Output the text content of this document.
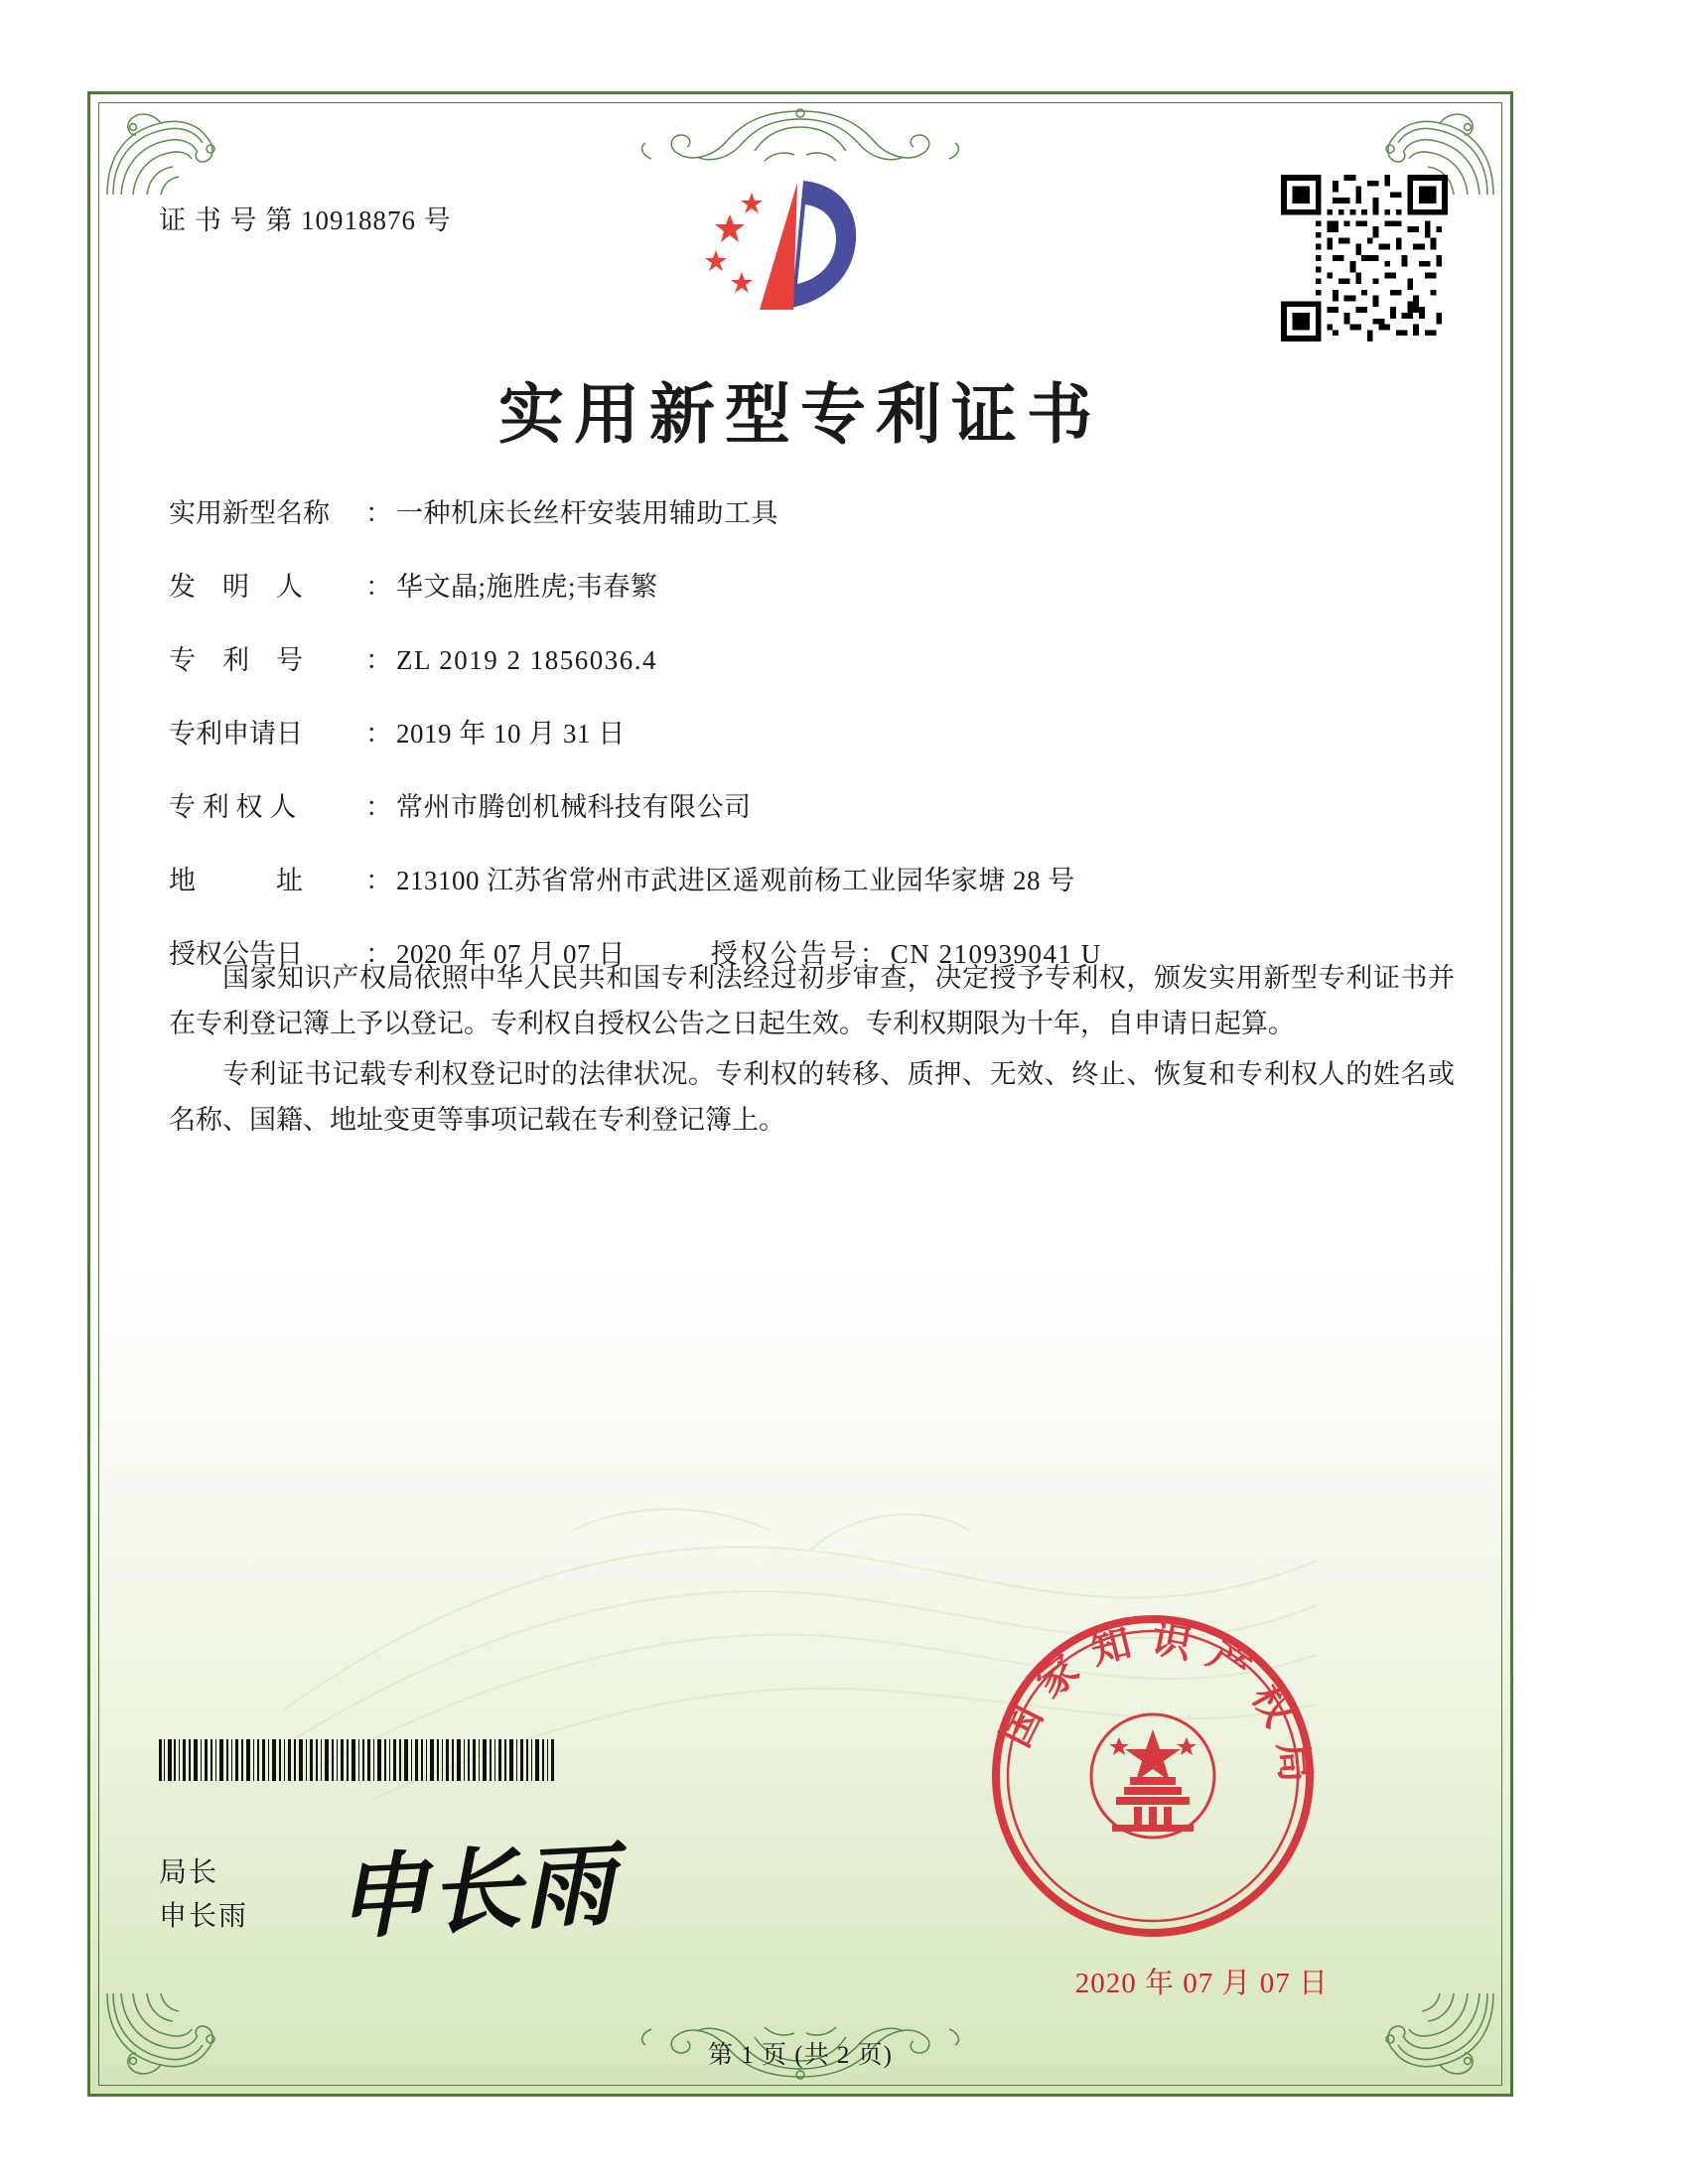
证 书 号 第 10918876 号
实用新型专利证书
实用新型名称	： 一种机床长丝杆安装用辅助工具
发　明　人	： 华文晶;施胜虎;韦春繁
专　利　号	： ZL 2019 2 1856036.4
专利申请日	： 2019 年 10 月 31 日
专 利 权 人	： 常州市腾创机械科技有限公司
地　　　址	： 213100 江苏省常州市武进区遥观前杨工业园华家塘 28 号
授权公告日	： 2020 年 07 月 07 日	授权公告号 ： CN 210939041 U

国家知识产权局依照中华人民共和国专利法经过初步审查，决定授予专利权，颁发实用新型专利证书并在专利登记簿上予以登记。专利权自授权公告之日起生效。专利权期限为十年，自申请日起算。

专利证书记载专利权登记时的法律状况。专利权的转移、质押、无效、终止、恢复和专利权人的姓名或名称、国籍、地址变更等事项记载在专利登记簿上。

局长
申长雨 申长雨
国家知识产权局
2020 年 07 月 07 日
第 1 页 (共 2 页)
